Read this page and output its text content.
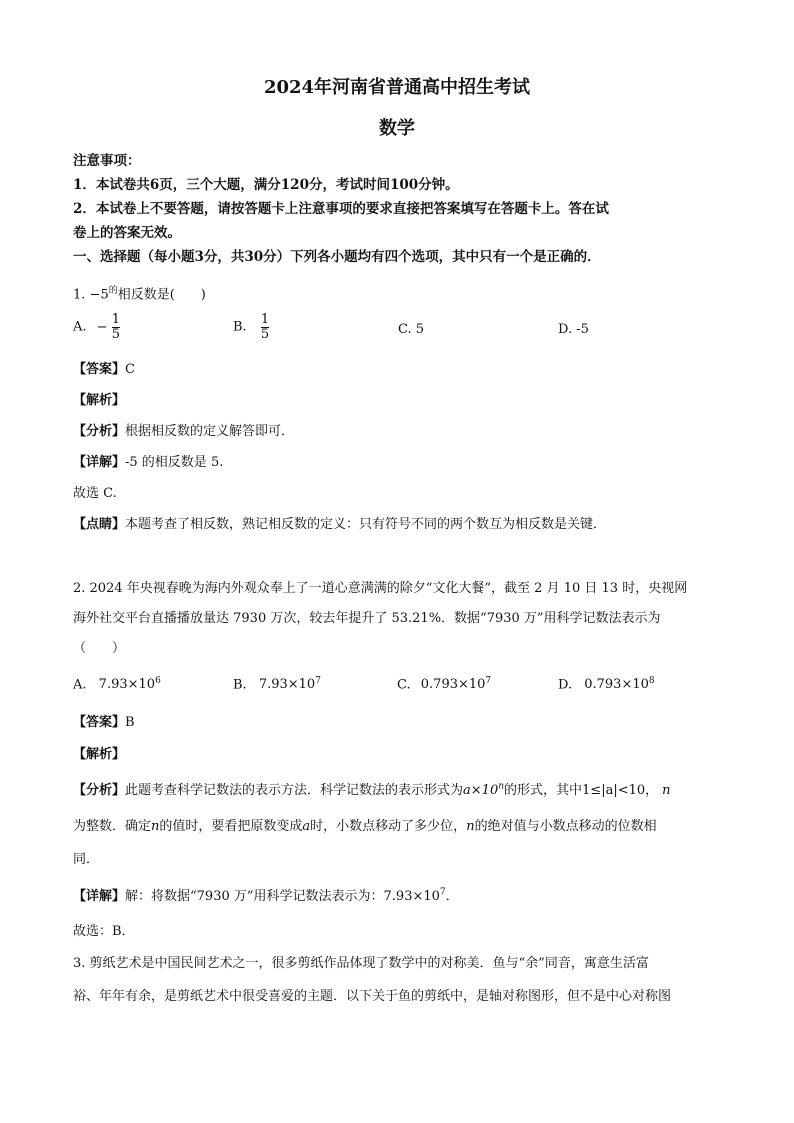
2024年河南省普通高中招生考试
数学
注意事项：
1．本试卷共6页，三个大题，满分120分，考试时间100分钟。
2．本试卷上不要答题，请按答题卡上注意事项的要求直接把答案填写在答题卡上。答在试
卷上的答案无效。
一、选择题（每小题3分，共30分）下列各小题均有四个选项，其中只有一个是正确的．
1. $-5^的$相反数是(　　)
A. − $\frac{1}{5}$	B. $\frac{1}{5}$	C. 5	D. -5
【答案】C
【解析】
【分析】根据相反数的定义解答即可．
【详解】-5 的相反数是 5.
故选 C.
【点睛】本题考查了相反数，熟记相反数的定义：只有符号不同的两个数互为相反数是关键．
2. 2024 年央视春晚为海内外观众奉上了一道心意满满的除夕“文化大餐”，截至 2 月 10 日 13 时，央视网
海外社交平台直播播放量达 7930 万次，较去年提升了 53.21%．数据“7930 万”用科学记数法表示为
（　　）
A. $7.93\times 10^6$	B. $7.93\times 10^7$	C. $0.793\times 10^7$	D. $0.793\times 10^8$
【答案】B
【解析】
【分析】此题考查科学记数法的表示方法．科学记数法的表示形式为$a\times 10^n$的形式，其中1≤|a|<10， n
为整数．确定n的值时，要看把原数变成a时，小数点移动了多少位，n的绝对值与小数点移动的位数相
同．
【详解】解：将数据“7930 万”用科学记数法表示为：$7.93\times 10^7$．
故选：B．
3. 剪纸艺术是中国民间艺术之一，很多剪纸作品体现了数学中的对称美．鱼与“余”同音，寓意生活富
裕、年年有余，是剪纸艺术中很受喜爱的主题．以下关于鱼的剪纸中，是轴对称图形，但不是中心对称图
